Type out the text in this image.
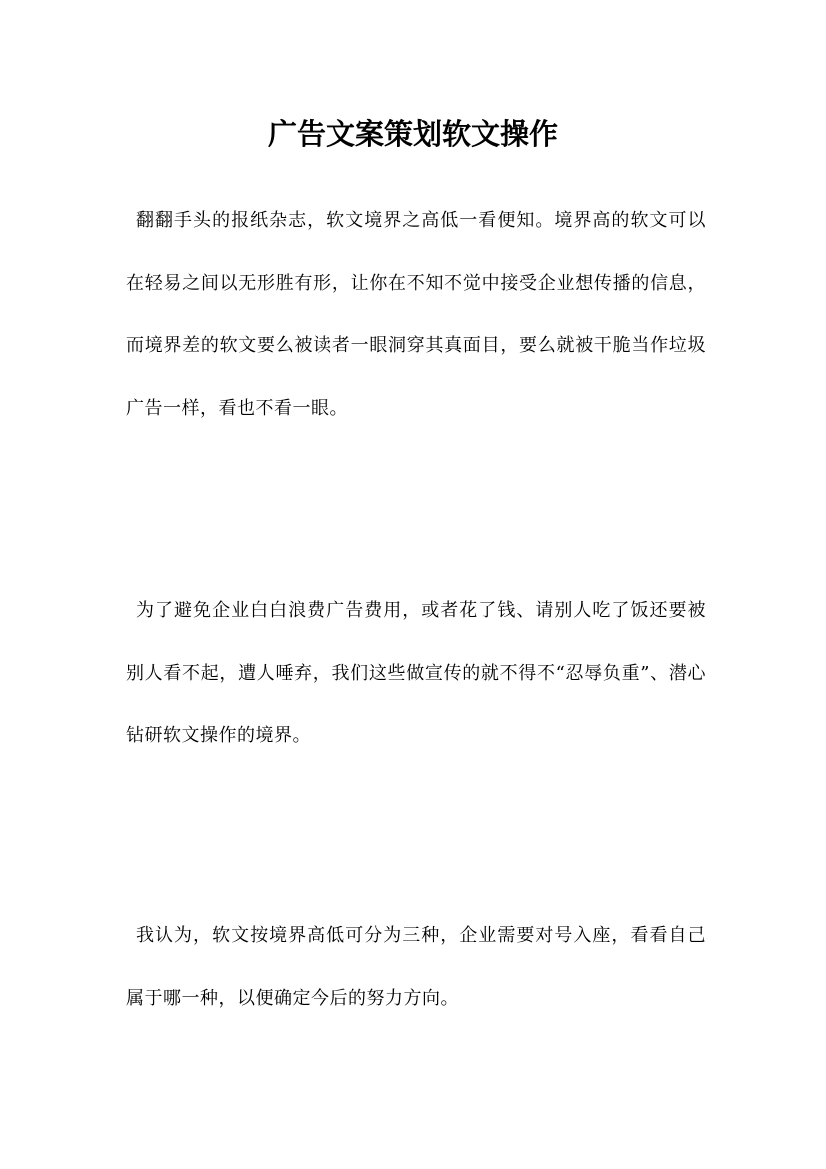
广告文案策划软文操作

翻翻手头的报纸杂志，软文境界之高低一看便知。境界高的软文可以在轻易之间以无形胜有形，让你在不知不觉中接受企业想传播的信息，而境界差的软文要么被读者一眼洞穿其真面目，要么就被干脆当作垃圾广告一样，看也不看一眼。

为了避免企业白白浪费广告费用，或者花了钱、请别人吃了饭还要被别人看不起，遭人唾弃，我们这些做宣传的就不得不“忍辱负重”、潜心钻研软文操作的境界。

我认为，软文按境界高低可分为三种，企业需要对号入座，看看自己属于哪一种，以便确定今后的努力方向。
